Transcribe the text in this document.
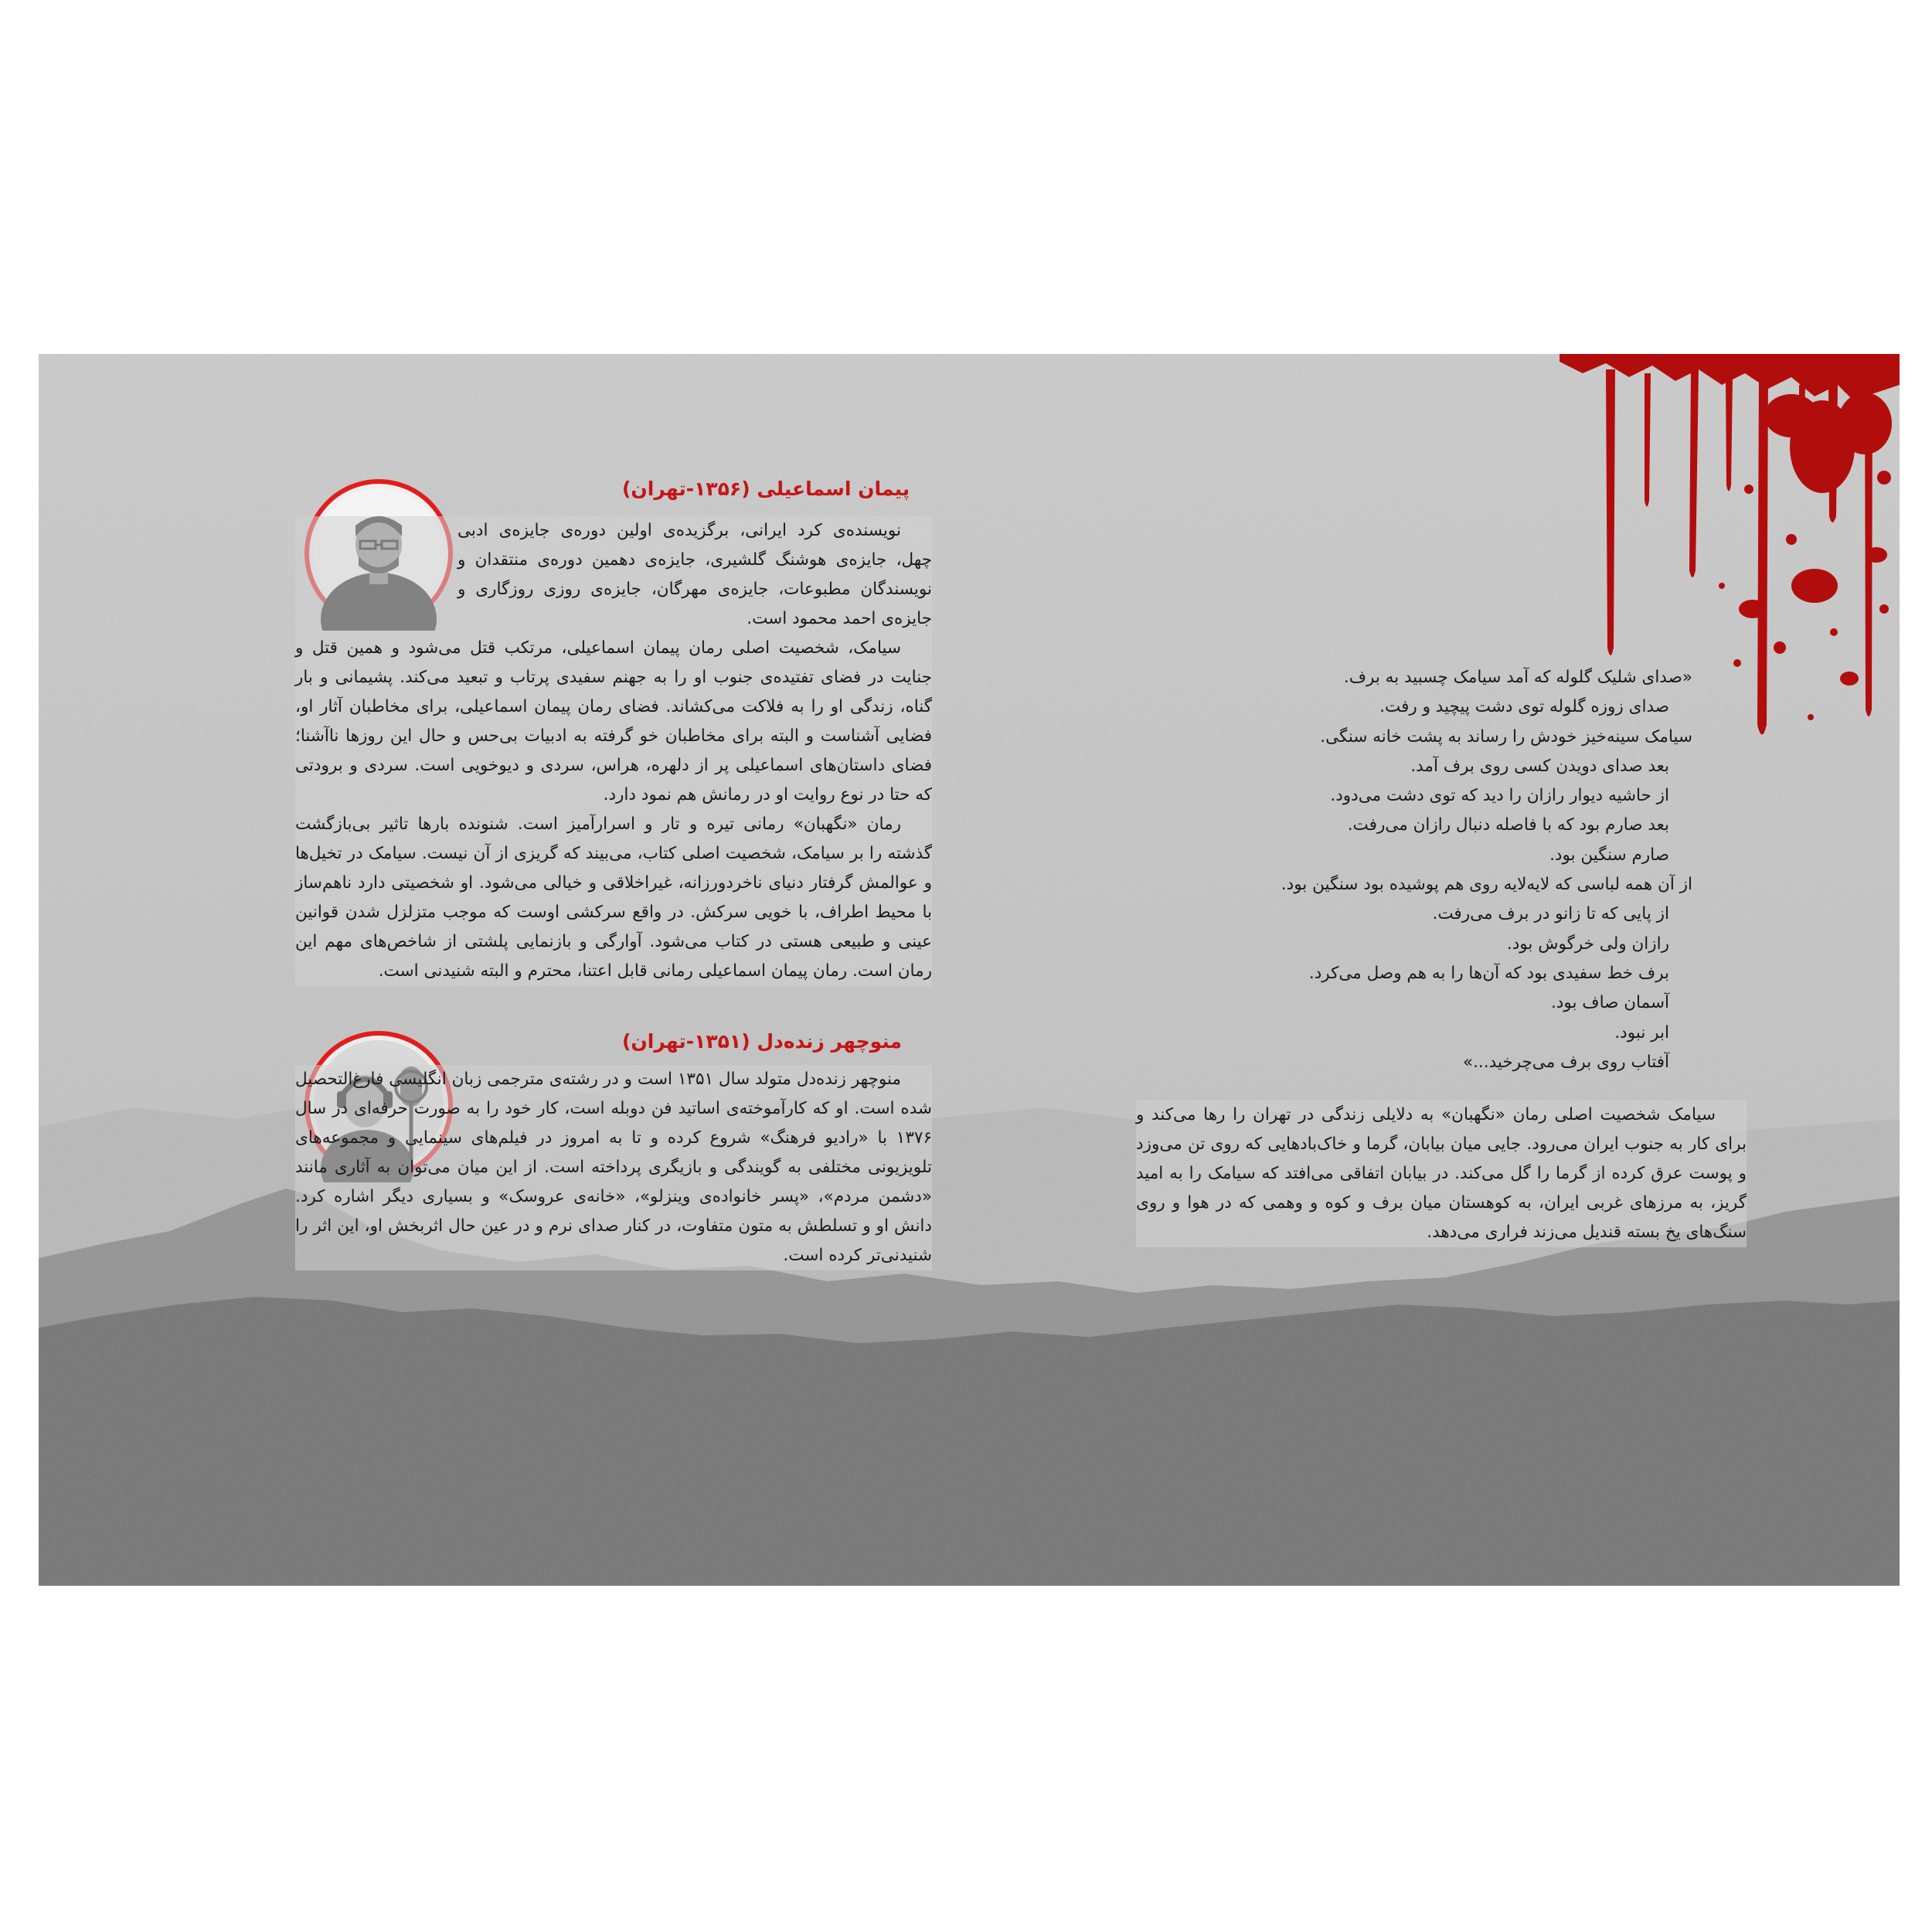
پیمان اسماعیلی (۱۳۵۶-تهران)

نویسنده‌ی کرد ایرانی، برگزیده‌ی اولین دوره‌ی جایزه‌ی ادبی چهل، جایزه‌ی هوشنگ گلشیری، جایزه‌ی دهمین دوره‌ی منتقدان و نویسندگان مطبوعات، جایزه‌ی مهرگان، جایزه‌ی روزی روزگاری و جایزه‌ی احمد محمود است.

سیامک، شخصیت اصلی رمان پیمان اسماعیلی، مرتکب قتل می‌شود و همین قتل و جنایت در فضای تفتیده‌ی جنوب او را به جهنم سفیدی پرتاب و تبعید می‌کند. پشیمانی و بار گناه، زندگی او را به فلاکت می‌کشاند. فضای رمان پیمان اسماعیلی، برای مخاطبان آثار او، فضایی آشناست و البته برای مخاطبان خو گرفته به ادبیات بی‌حس و حال این روزها ناآشنا؛ فضای داستان‌های اسماعیلی پر از دلهره، هراس، سردی و دیوخویی است. سردی و برودتی که حتا در نوع روایت او در رمانش هم نمود دارد.

رمان «نگهبان» رمانی تیره و تار و اسرارآمیز است. شنونده بارها تاثیر بی‌بازگشت گذشته را بر سیامک، شخصیت اصلی کتاب، می‌بیند که گریزی از آن نیست. سیامک در تخیل‌ها و عوالمش گرفتار دنیای ناخردورزانه، غیراخلاقی و خیالی می‌شود. او شخصیتی دارد ناهم‌ساز با محیط اطراف، با خویی سرکش. در واقع سرکشی اوست که موجب متزلزل شدن قوانین عینی و طبیعی هستی در کتاب می‌شود. آوارگی و بازنمایی پلشتی از شاخص‌های مهم این رمان است. رمان پیمان اسماعیلی رمانی قابل اعتنا، محترم و البته شنیدنی است.

منوچهر زنده‌دل (۱۳۵۱-تهران)

منوچهر زنده‌دل متولد سال ۱۳۵۱ است و در رشته‌ی مترجمی زبان انگلیسی فارغ‌التحصیل شده است. او که کارآموخته‌ی اساتید فن دوبله است، کار خود را به صورت حرفه‌ای در سال ۱۳۷۶ با «رادیو فرهنگ» شروع کرده و تا به امروز در فیلم‌های سینمایی و مجموعه‌های تلویزیونی مختلفی به گویندگی و بازیگری پرداخته است. از این میان می‌توان به آثاری مانند «دشمن مردم»، «پسر خانواده‌ی وینزلو»، «خانه‌ی عروسک» و بسیاری دیگر اشاره کرد. دانش او و تسلطش به متون متفاوت، در کنار صدای نرم و در عین حال اثربخش او، این اثر را شنیدنی‌تر کرده است.

«صدای شلیک گلوله که آمد سیامک چسبید به برف.
صدای زوزه گلوله توی دشت پیچید و رفت.
سیامک سینه‌خیز خودش را رساند به پشت خانه سنگی.
بعد صدای دویدن کسی روی برف آمد.
از حاشیه دیوار رازان را دید که توی دشت می‌دود.
بعد صارم بود که با فاصله دنبال رازان می‌رفت.
صارم سنگین بود.
از آن همه لباسی که لایه‌لایه روی هم پوشیده بود سنگین بود.
از پایی که تا زانو در برف می‌رفت.
رازان ولی خرگوش بود.
برف خط سفیدی بود که آن‌ها را به هم وصل می‌کرد.
آسمان صاف بود.
ابر نبود.
آفتاب روی برف می‌چرخید...»

سیامک شخصیت اصلی رمان «نگهبان» به دلایلی زندگی در تهران را رها می‌کند و برای کار به جنوب ایران می‌رود. جایی میان بیابان، گرما و خاک‌بادهایی که روی تن می‌وزد و پوست عرق کرده از گرما را گل می‌کند. در بیابان اتفاقی می‌افتد که سیامک را به امید گریز، به مرزهای غربی ایران، به کوهستان میان برف و کوه و وهمی که در هوا و روی سنگ‌های یخ بسته قندیل می‌زند فراری می‌دهد.
